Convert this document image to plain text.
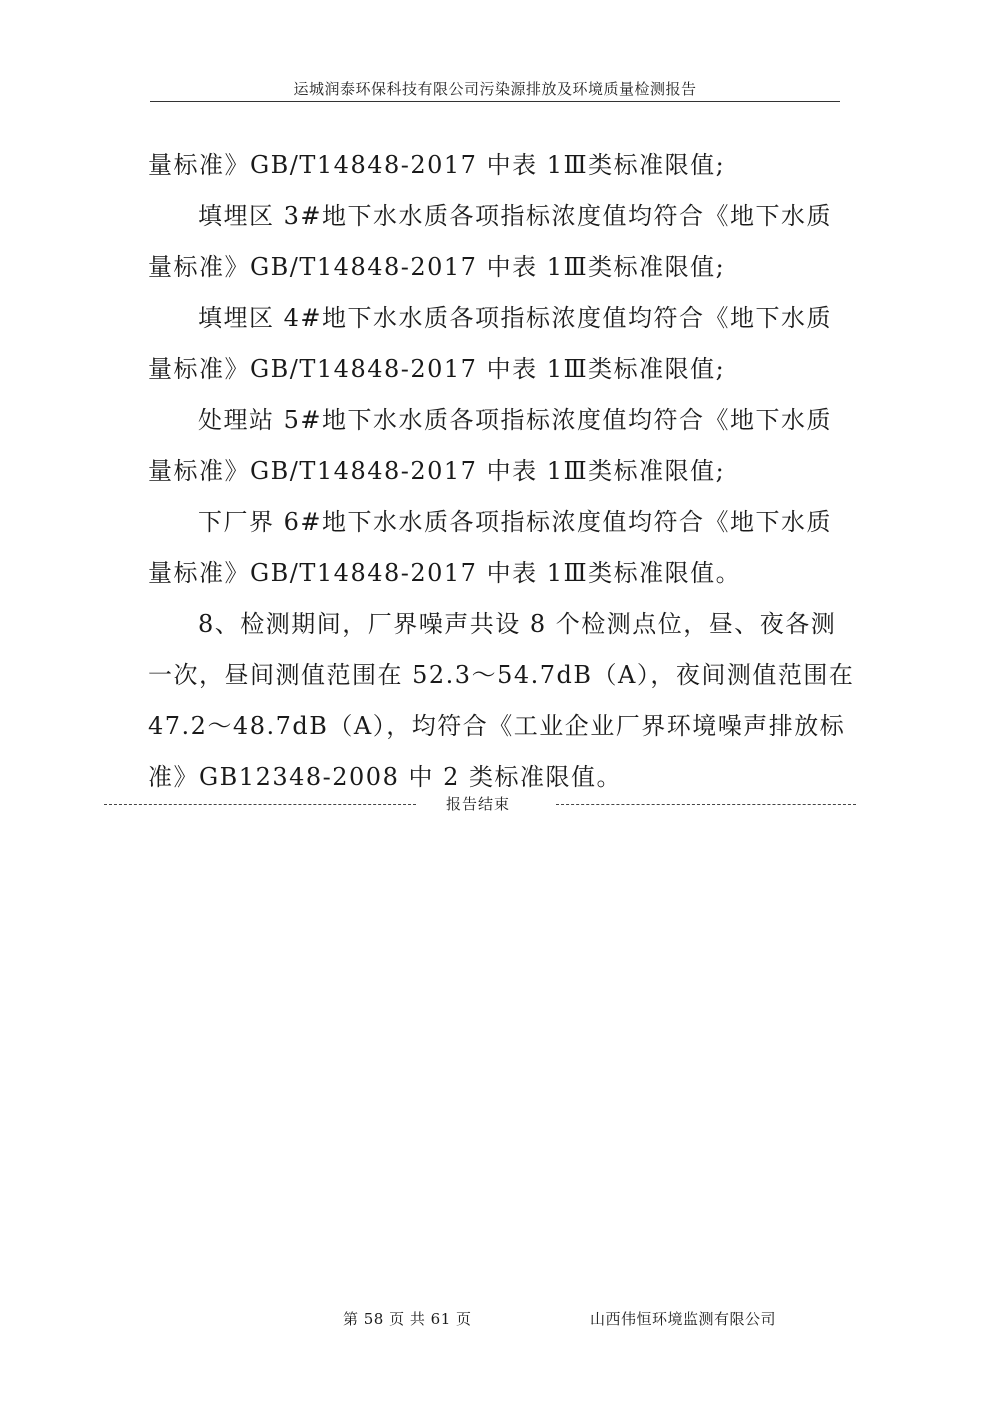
运城润泰环保科技有限公司污染源排放及环境质量检测报告
量标准》GB/T14848-2017 中表 1Ⅲ类标准限值;
填埋区 3#地下水水质各项指标浓度值均符合《地下水质
量标准》GB/T14848-2017 中表 1Ⅲ类标准限值;
填埋区 4#地下水水质各项指标浓度值均符合《地下水质
量标准》GB/T14848-2017 中表 1Ⅲ类标准限值;
处理站 5#地下水水质各项指标浓度值均符合《地下水质
量标准》GB/T14848-2017 中表 1Ⅲ类标准限值;
下厂界 6#地下水水质各项指标浓度值均符合《地下水质
量标准》GB/T14848-2017 中表 1Ⅲ类标准限值。
8、检测期间，厂界噪声共设 8 个检测点位，昼、夜各测
一次，昼间测值范围在 52.3～54.7dB（A），夜间测值范围在
47.2～48.7dB（A），均符合《工业企业厂界环境噪声排放标
准》GB12348-2008 中 2 类标准限值。
报告结束
第 58 页 共 61 页	山西伟恒环境监测有限公司
